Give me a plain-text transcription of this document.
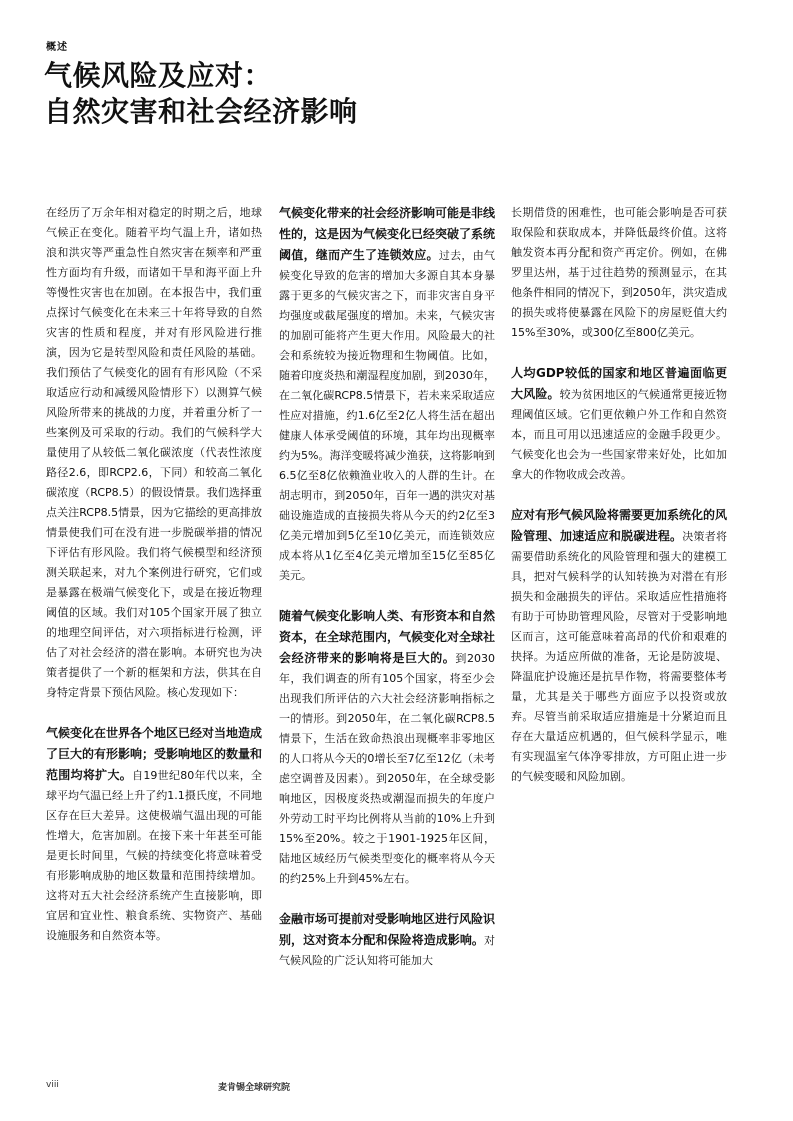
概述
气候风险及应对：
自然灾害和社会经济影响

在经历了万余年相对稳定的时期之后，地球气候正在变化。随着平均气温上升，诸如热浪和洪灾等严重急性自然灾害在频率和严重性方面均有升级，而诸如干旱和海平面上升等慢性灾害也在加剧。在本报告中，我们重点探讨气候变化在未来三十年将导致的自然灾害的性质和程度，并对有形风险进行推演，因为它是转型风险和责任风险的基础。我们预估了气候变化的固有有形风险（不采取适应行动和减缓风险情形下）以测算气候风险所带来的挑战的力度，并着重分析了一些案例及可采取的行动。我们的气候科学大量使用了从较低二氧化碳浓度（代表性浓度路径2.6，即RCP2.6，下同）和较高二氧化碳浓度（RCP8.5）的假设情景。我们选择重点关注RCP8.5情景，因为它描绘的更高排放情景使我们可在没有进一步脱碳举措的情况下评估有形风险。我们将气候模型和经济预测关联起来，对九个案例进行研究，它们或是暴露在极端气候变化下，或是在接近物理阈值的区域。我们对105个国家开展了独立的地理空间评估，对六项指标进行检测，评估了对社会经济的潜在影响。本研究也为决策者提供了一个新的框架和方法，供其在自身特定背景下预估风险。核心发现如下：

气候变化在世界各个地区已经对当地造成了巨大的有形影响；受影响地区的数量和范围均将扩大。自19世纪80年代以来，全球平均气温已经上升了约1.1摄氏度，不同地区存在巨大差异。这使极端气温出现的可能性增大，危害加剧。在接下来十年甚至可能是更长时间里，气候的持续变化将意味着受有形影响成胁的地区数量和范围持续增加。这将对五大社会经济系统产生直接影响，即宜居和宜业性、粮食系统、实物资产、基础设施服务和自然资本等。

气候变化带来的社会经济影响可能是非线性的，这是因为气候变化已经突破了系统阈值，继而产生了连锁效应。过去，由气候变化导致的危害的增加大多源自其本身暴露于更多的气候灾害之下，而非灾害自身平均强度或截尾强度的增加。未来，气候灾害的加剧可能将产生更大作用。风险最大的社会和系统较为接近物理和生物阈值。比如，随着印度炎热和潮湿程度加剧，到2030年，在二氧化碳RCP8.5情景下，若未来采取适应性应对措施，约1.6亿至2亿人将生活在超出健康人体承受阈值的环境，其年均出现概率约为5%。海洋变暖将减少渔获，这将影响到6.5亿至8亿依赖渔业收入的人群的生计。在胡志明市，到2050年，百年一遇的洪灾对基础设施造成的直接损失将从今天的约2亿至3亿美元增加到5亿至10亿美元，而连锁效应成本将从1亿至4亿美元增加至15亿至85亿美元。

随着气候变化影响人类、有形资本和自然资本，在全球范围内，气候变化对全球社会经济带来的影响将是巨大的。到2030年，我们调查的所有105个国家，将至少会出现我们所评估的六大社会经济影响指标之一的情形。到2050年，在二氧化碳RCP8.5情景下，生活在致命热浪出现概率非零地区的人口将从今天的0增长至7亿至12亿（未考虑空调普及因素）。到2050年，在全球受影响地区，因极度炎热或潮湿而损失的年度户外劳动工时平均比例将从当前的10%上升到15%至20%。较之于1901-1925年区间，陆地区域经历气候类型变化的概率将从今天的约25%上升到45%左右。

金融市场可提前对受影响地区进行风险识别，这对资本分配和保险将造成影响。对气候风险的广泛认知将可能加大

长期借贷的困难性，也可能会影响是否可获取保险和获取成本，并降低最终价值。这将触发资本再分配和资产再定价。例如，在佛罗里达州，基于过往趋势的预测显示，在其他条件相同的情况下，到2050年，洪灾造成的损失或将使暴露在风险下的房屋贬值大约15%至30%，或300亿至800亿美元。

人均GDP较低的国家和地区普遍面临更大风险。较为贫困地区的气候通常更接近物理阈值区域。它们更依赖户外工作和自然资本，而且可用以迅速适应的金融手段更少。气候变化也会为一些国家带来好处，比如加拿大的作物收成会改善。

应对有形气候风险将需要更加系统化的风险管理、加速适应和脱碳进程。决策者将需要借助系统化的风险管理和强大的建模工具，把对气候科学的认知转换为对潜在有形损失和金融损失的评估。采取适应性措施将有助于可协助管理风险，尽管对于受影响地区而言，这可能意味着高昂的代价和艰难的抉择。为适应所做的准备，无论是防波堤、降温庇护设施还是抗旱作物，将需要整体考量，尤其是关于哪些方面应予以投资或放弃。尽管当前采取适应措施是十分紧迫而且存在大量适应机遇的，但气候科学显示，唯有实现温室气体净零排放，方可阻止进一步的气候变暖和风险加剧。

viii	麦肯锡全球研究院
